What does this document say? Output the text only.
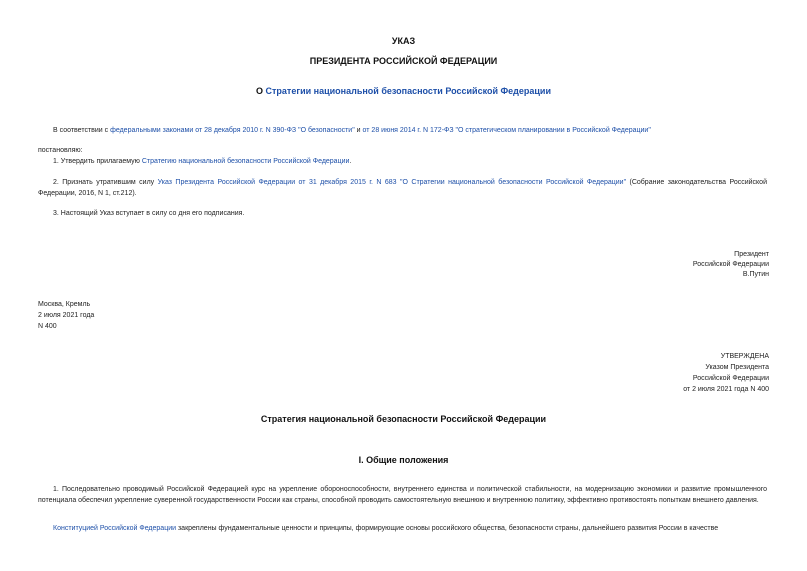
УКАЗ
ПРЕЗИДЕНТА РОССИЙСКОЙ ФЕДЕРАЦИИ
О Стратегии национальной безопасности Российской Федерации
В соответствии с федеральными законами от 28 декабря 2010 г. N 390-ФЗ "О безопасности" и от 28 июня 2014 г. N 172-ФЗ "О стратегическом планировании в Российской Федерации"
постановляю:
1. Утвердить прилагаемую Стратегию национальной безопасности Российской Федерации.
2. Признать утратившим силу Указ Президента Российской Федерации от 31 декабря 2015 г. N 683 "О Стратегии национальной безопасности Российской Федерации" (Собрание законодательства Российской Федерации, 2016, N 1, ст.212).
3. Настоящий Указ вступает в силу со дня его подписания.
Президент
Российской Федерации
В.Путин
Москва, Кремль
2 июля 2021 года
N 400
УТВЕРЖДЕНА
Указом Президента
Российской Федерации
от 2 июля 2021 года N 400
Стратегия национальной безопасности Российской Федерации
I. Общие положения
1. Последовательно проводимый Российской Федерацией курс на укрепление обороноспособности, внутреннего единства и политической стабильности, на модернизацию экономики и развитие промышленного потенциала обеспечил укрепление суверенной государственности России как страны, способной проводить самостоятельную внешнюю и внутреннюю политику, эффективно противостоять попыткам внешнего давления.
Конституцией Российской Федерации закреплены фундаментальные ценности и принципы, формирующие основы российского общества, безопасности страны, дальнейшего развития России в качестве
